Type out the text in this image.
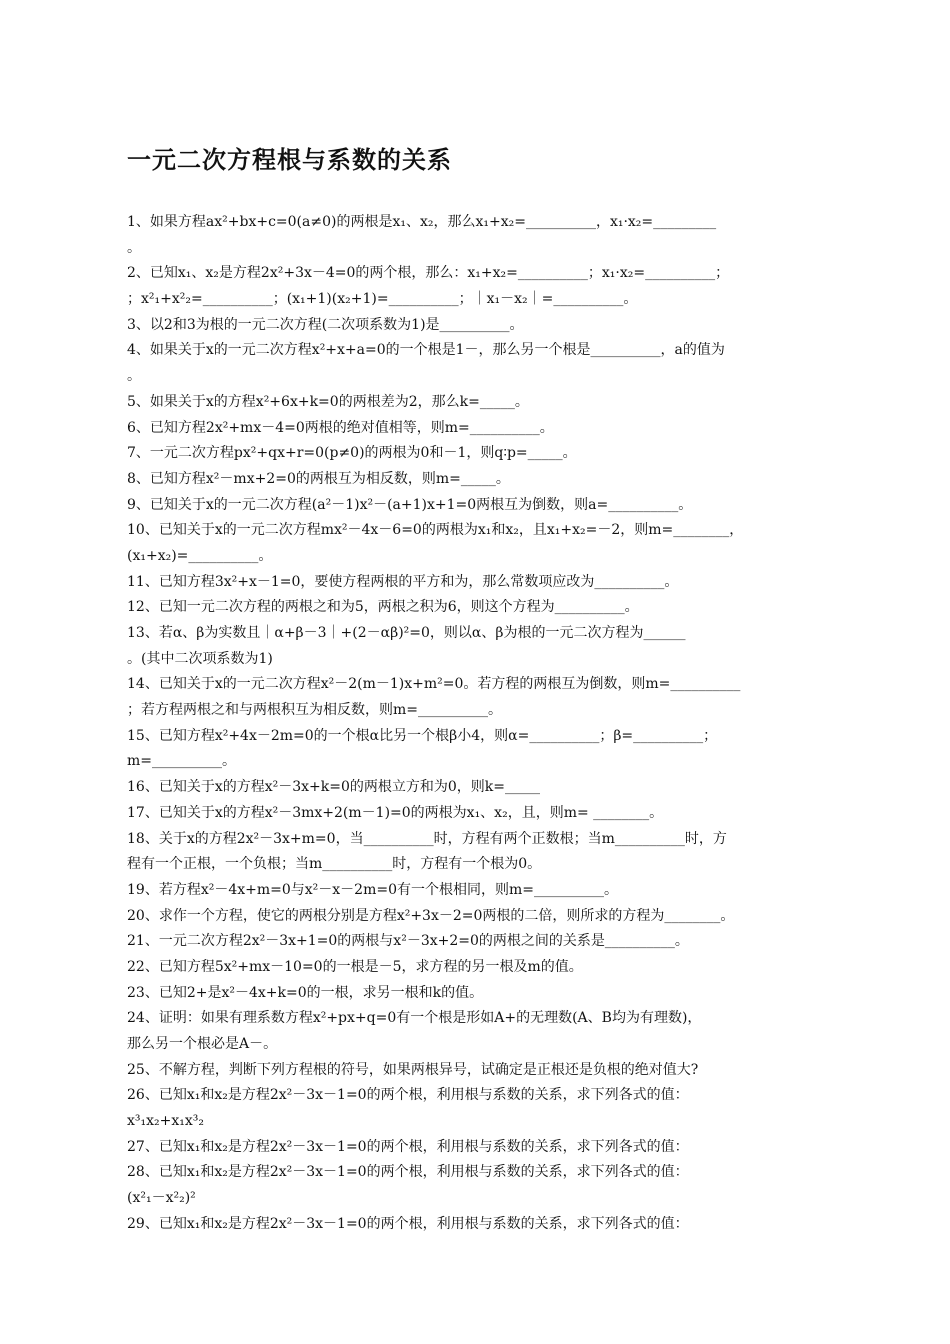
一元二次方程根与系数的关系
1、如果方程ax²+bx+c=0(a≠0)的两根是x₁、x₂，那么x₁+x₂=__________，x₁·x₂=_________
。
2、已知x₁、x₂是方程2x²+3x－4=0的两个根，那么：x₁+x₂=__________；x₁·x₂=__________；
；x²₁+x²₂=__________；(x₁+1)(x₂+1)=__________；｜x₁－x₂｜=__________。
3、以2和3为根的一元二次方程(二次项系数为1)是__________。
4、如果关于x的一元二次方程x²+x+a=0的一个根是1－，那么另一个根是__________，a的值为
。
5、如果关于x的方程x²+6x+k=0的两根差为2，那么k=_____。
6、已知方程2x²+mx－4=0两根的绝对值相等，则m=__________。
7、一元二次方程px²+qx+r=0(p≠0)的两根为0和－1，则q∶p=_____。
8、已知方程x²－mx+2=0的两根互为相反数，则m=_____。
9、已知关于x的一元二次方程(a²－1)x²－(a+1)x+1=0两根互为倒数，则a=__________。
10、已知关于x的一元二次方程mx²－4x－6=0的两根为x₁和x₂，且x₁+x₂=－2，则m=________，
(x₁+x₂)=__________。
11、已知方程3x²+x－1=0，要使方程两根的平方和为，那么常数项应改为__________。
12、已知一元二次方程的两根之和为5，两根之积为6，则这个方程为__________。
13、若α、β为实数且｜α+β－3｜+(2－αβ)²=0，则以α、β为根的一元二次方程为______
。(其中二次项系数为1)
14、已知关于x的一元二次方程x²－2(m－1)x+m²=0。若方程的两根互为倒数，则m=__________
；若方程两根之和与两根积互为相反数，则m=__________。
15、已知方程x²+4x－2m=0的一个根α比另一个根β小4，则α=__________；β=__________；
m=__________。
16、已知关于x的方程x²－3x+k=0的两根立方和为0，则k=_____
17、已知关于x的方程x²－3mx+2(m－1)=0的两根为x₁、x₂，且，则m= ________。
18、关于x的方程2x²－3x+m=0，当__________时，方程有两个正数根；当m__________时，方
程有一个正根，一个负根；当m__________时，方程有一个根为0。
19、若方程x²－4x+m=0与x²－x－2m=0有一个根相同，则m=__________。
20、求作一个方程，使它的两根分别是方程x²+3x－2=0两根的二倍，则所求的方程为________。
21、一元二次方程2x²－3x+1=0的两根与x²－3x+2=0的两根之间的关系是__________。
22、已知方程5x²+mx－10=0的一根是－5，求方程的另一根及m的值。
23、已知2+是x²－4x+k=0的一根，求另一根和k的值。
24、证明：如果有理系数方程x²+px+q=0有一个根是形如A+的无理数(A、B均为有理数)，
那么另一个根必是A－。
25、不解方程，判断下列方程根的符号，如果两根异号，试确定是正根还是负根的绝对值大?
26、已知x₁和x₂是方程2x²－3x－1=0的两个根，利用根与系数的关系，求下列各式的值：
x³₁x₂+x₁x³₂
27、已知x₁和x₂是方程2x²－3x－1=0的两个根，利用根与系数的关系，求下列各式的值：
28、已知x₁和x₂是方程2x²－3x－1=0的两个根，利用根与系数的关系，求下列各式的值：
(x²₁－x²₂)²
29、已知x₁和x₂是方程2x²－3x－1=0的两个根，利用根与系数的关系，求下列各式的值：
